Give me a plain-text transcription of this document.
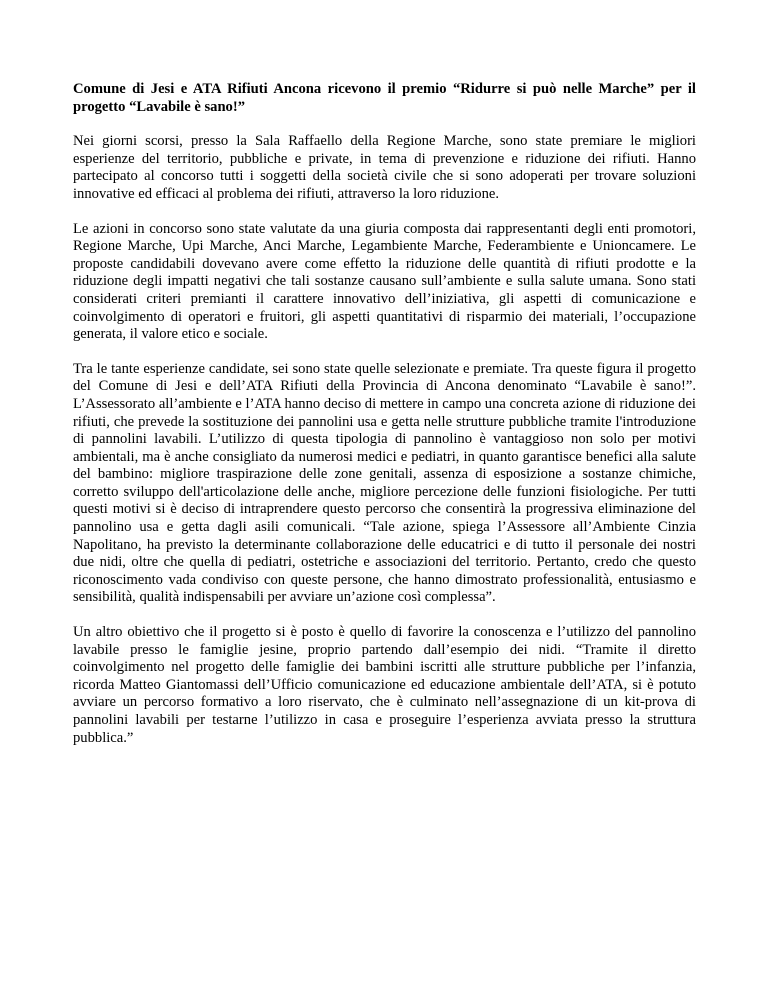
Comune di Jesi e ATA Rifiuti Ancona ricevono il premio “Ridurre si può nelle Marche” per il progetto “Lavabile è sano!”

Nei giorni scorsi, presso la Sala Raffaello della Regione Marche, sono state premiare le migliori esperienze del territorio, pubbliche e private, in tema di prevenzione e riduzione dei rifiuti. Hanno partecipato al concorso tutti i soggetti della società civile che si sono adoperati per trovare soluzioni innovative ed efficaci al problema dei rifiuti, attraverso la loro riduzione.

Le azioni in concorso sono state valutate da una giuria composta dai rappresentanti degli enti promotori, Regione Marche, Upi Marche, Anci Marche, Legambiente Marche, Federambiente e Unioncamere. Le proposte candidabili dovevano avere come effetto la riduzione delle quantità di rifiuti prodotte e la riduzione degli impatti negativi che tali sostanze causano sull’ambiente e sulla salute umana. Sono stati considerati criteri premianti il carattere innovativo dell’iniziativa, gli aspetti di comunicazione e coinvolgimento di operatori e fruitori, gli aspetti quantitativi di risparmio dei materiali, l’occupazione generata, il valore etico e sociale.

Tra le tante esperienze candidate, sei sono state quelle selezionate e premiate. Tra queste figura il progetto del Comune di Jesi e dell’ATA Rifiuti della Provincia di Ancona denominato “Lavabile è sano!”. L’Assessorato all’ambiente e l’ATA hanno deciso di mettere in campo una concreta azione di riduzione dei rifiuti, che prevede la sostituzione dei pannolini usa e getta nelle strutture pubbliche tramite l'introduzione di pannolini lavabili. L’utilizzo di questa tipologia di pannolino è vantaggioso non solo per motivi ambientali, ma è anche consigliato da numerosi medici e pediatri, in quanto garantisce benefici alla salute del bambino: migliore traspirazione delle zone genitali, assenza di esposizione a sostanze chimiche, corretto sviluppo dell'articolazione delle anche, migliore percezione delle funzioni fisiologiche. Per tutti questi motivi si è deciso di intraprendere questo percorso che consentirà la progressiva eliminazione del pannolino usa e getta dagli asili comunicali. “Tale azione, spiega l’Assessore all’Ambiente Cinzia Napolitano, ha previsto la determinante collaborazione delle educatrici e di tutto il personale dei nostri due nidi, oltre che quella di pediatri, ostetriche e associazioni del territorio. Pertanto, credo che questo riconoscimento vada condiviso con queste persone, che hanno dimostrato professionalità, entusiasmo e sensibilità, qualità indispensabili per avviare un’azione così complessa”.

Un altro obiettivo che il progetto si è posto è quello di favorire la conoscenza e l’utilizzo del pannolino lavabile presso le famiglie jesine, proprio partendo dall’esempio dei nidi. “Tramite il diretto coinvolgimento nel progetto delle famiglie dei bambini iscritti alle strutture pubbliche per l’infanzia, ricorda Matteo Giantomassi dell’Ufficio comunicazione ed educazione ambientale dell’ATA, si è potuto avviare un percorso formativo a loro riservato, che è culminato nell’assegnazione di un kit-prova di pannolini lavabili per testarne l’utilizzo in casa e proseguire l’esperienza avviata presso la struttura pubblica.”
